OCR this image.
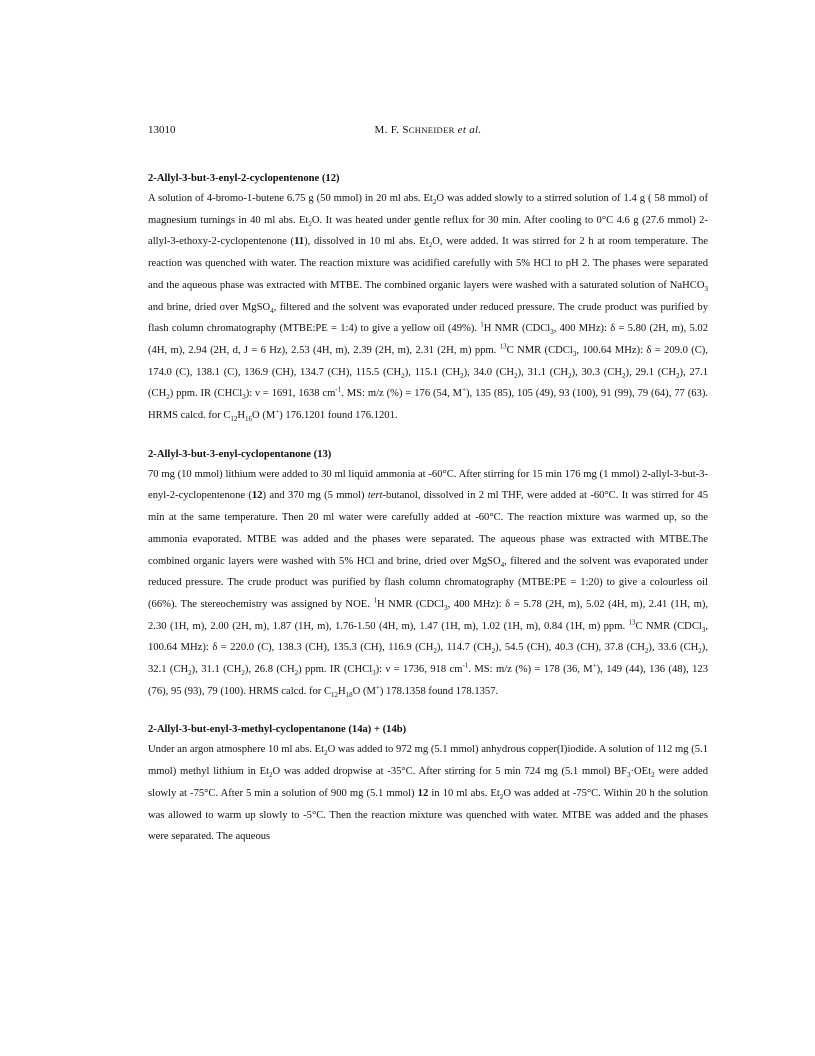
13010	M. F. SCHNEIDER et al.
2-Allyl-3-but-3-enyl-2-cyclopentenone (12)

A solution of 4-bromo-1-butene 6.75 g (50 mmol) in 20 ml abs. $Et_2O$ was added slowly to a stirred solution of 1.4 g ( 58 mmol) of magnesium turnings in 40 ml abs. $Et_2O$. It was heated under gentle reflux for 30 min. After cooling to 0°C 4.6 g (27.6 mmol) 2-allyl-3-ethoxy-2-cyclopentenone (11), dissolved in 10 ml abs. $Et_2O$, were added. It was stirred for 2 h at room temperature. The reaction was quenched with water. The reaction mixture was acidified carefully with 5% HCl to pH 2. The phases were separated and the aqueous phase was extracted with MTBE. The combined organic layers were washed with a saturated solution of NaHCO$_3$ and brine, dried over MgSO$_4$, filtered and the solvent was evaporated under reduced pressure. The crude product was purified by flash column chromatography (MTBE:PE = 1:4) to give a yellow oil (49%). $^1$H NMR (CDCl$_3$, 400 MHz): δ = 5.80 (2H, m), 5.02 (4H, m), 2.94 (2H, d, J = 6 Hz), 2.53 (4H, m), 2.39 (2H, m), 2.31 (2H, m) ppm. $^{13}$C NMR (CDCl$_3$, 100.64 MHz): δ = 209.0 (C), 174.0 (C), 138.1 (C), 136.9 (CH), 134.7 (CH), 115.5 $(CH_2)$, 115.1 $(CH_2)$, 34.0 $(CH_2)$, 31.1 $(CH_2)$, 30.3 $(CH_2)$, 29.1 $(CH_2)$, 27.1 $(CH_2)$ ppm. IR (CHCl$_3$): ν = 1691, 1638 $cm^{-1}$. MS: m/z (%) = 176 (54, M+), 135 (85), 105 (49), 93 (100), 91 (99), 79 (64), 77 (63). HRMS calcd. for $C_{12}H_{16}O$ (M+) 176.1201 found 176.1201.

2-Allyl-3-but-3-enyl-cyclopentanone (13)

70 mg (10 mmol) lithium were added to 30 ml liquid ammonia at -60°C. After stirring for 15 min 176 mg (1 mmol) 2-allyl-3-but-3-enyl-2-cyclopentenone (12) and 370 mg (5 mmol) tert-butanol, dissolved in 2 ml THF, were added at -60°C. It was stirred for 45 min at the same temperature. Then 20 ml water were carefully added at -60°C. The reaction mixture was warmed up, so the ammonia evaporated. MTBE was added and the phases were separated. The aqueous phase was extracted with MTBE.The combined organic layers were washed with 5% HCl and brine, dried over MgSO$_4$, filtered and the solvent was evaporated under reduced pressure. The crude product was purified by flash column chromatography (MTBE:PE = 1:20) to give a colourless oil (66%). The stereochemistry was assigned by NOE. $^1$H NMR (CDCl$_3$, 400 MHz): δ = 5.78 (2H, m), 5.02 (4H, m), 2.41 (1H, m), 2.30 (1H, m), 2.00 (2H, m), 1.87 (1H, m), 1.76-1.50 (4H, m), 1.47 (1H, m), 1.02 (1H, m), 0.84 (1H, m) ppm. $^{13}$C NMR (CDCl$_3$, 100.64 MHz): δ = 220.0 (C), 138.3 (CH), 135.3 (CH), 116.9 $(CH_2)$, 114.7 $(CH_2)$, 54.5 (CH), 40.3 (CH), 37.8 $(CH_2)$, 33.6 $(CH_2)$, 32.1 $(CH_2)$, 31.1 $(CH_2)$, 26.8 $(CH_2)$ ppm. IR (CHCl$_3$): ν = 1736, 918 $cm^{-1}$. MS: m/z (%) = 178 (36, M+), 149 (44), 136 (48), 123 (76), 95 (93), 79 (100). HRMS calcd. for $C_{12}H_{18}O$ (M+) 178.1358 found 178.1357.

2-Allyl-3-but-enyl-3-methyl-cyclopentanone (14a) + (14b)

Under an argon atmosphere 10 ml abs. $Et_2O$ was added to 972 mg (5.1 mmol) anhydrous copper(I)iodide. A solution of 112 mg (5.1 mmol) methyl lithium in $Et_2O$ was added dropwise at -35°C. After stirring for 5 min 724 mg (5.1 mmol) $BF_3\cdot OEt_2$ were added slowly at -75°C. After 5 min a solution of 900 mg (5.1 mmol) 12 in 10 ml abs. $Et_2O$ was added at -75°C. Within 20 h the solution was allowed to warm up slowly to -5°C. Then the reaction mixture was quenched with water. MTBE was added and the phases were separated. The aqueous
